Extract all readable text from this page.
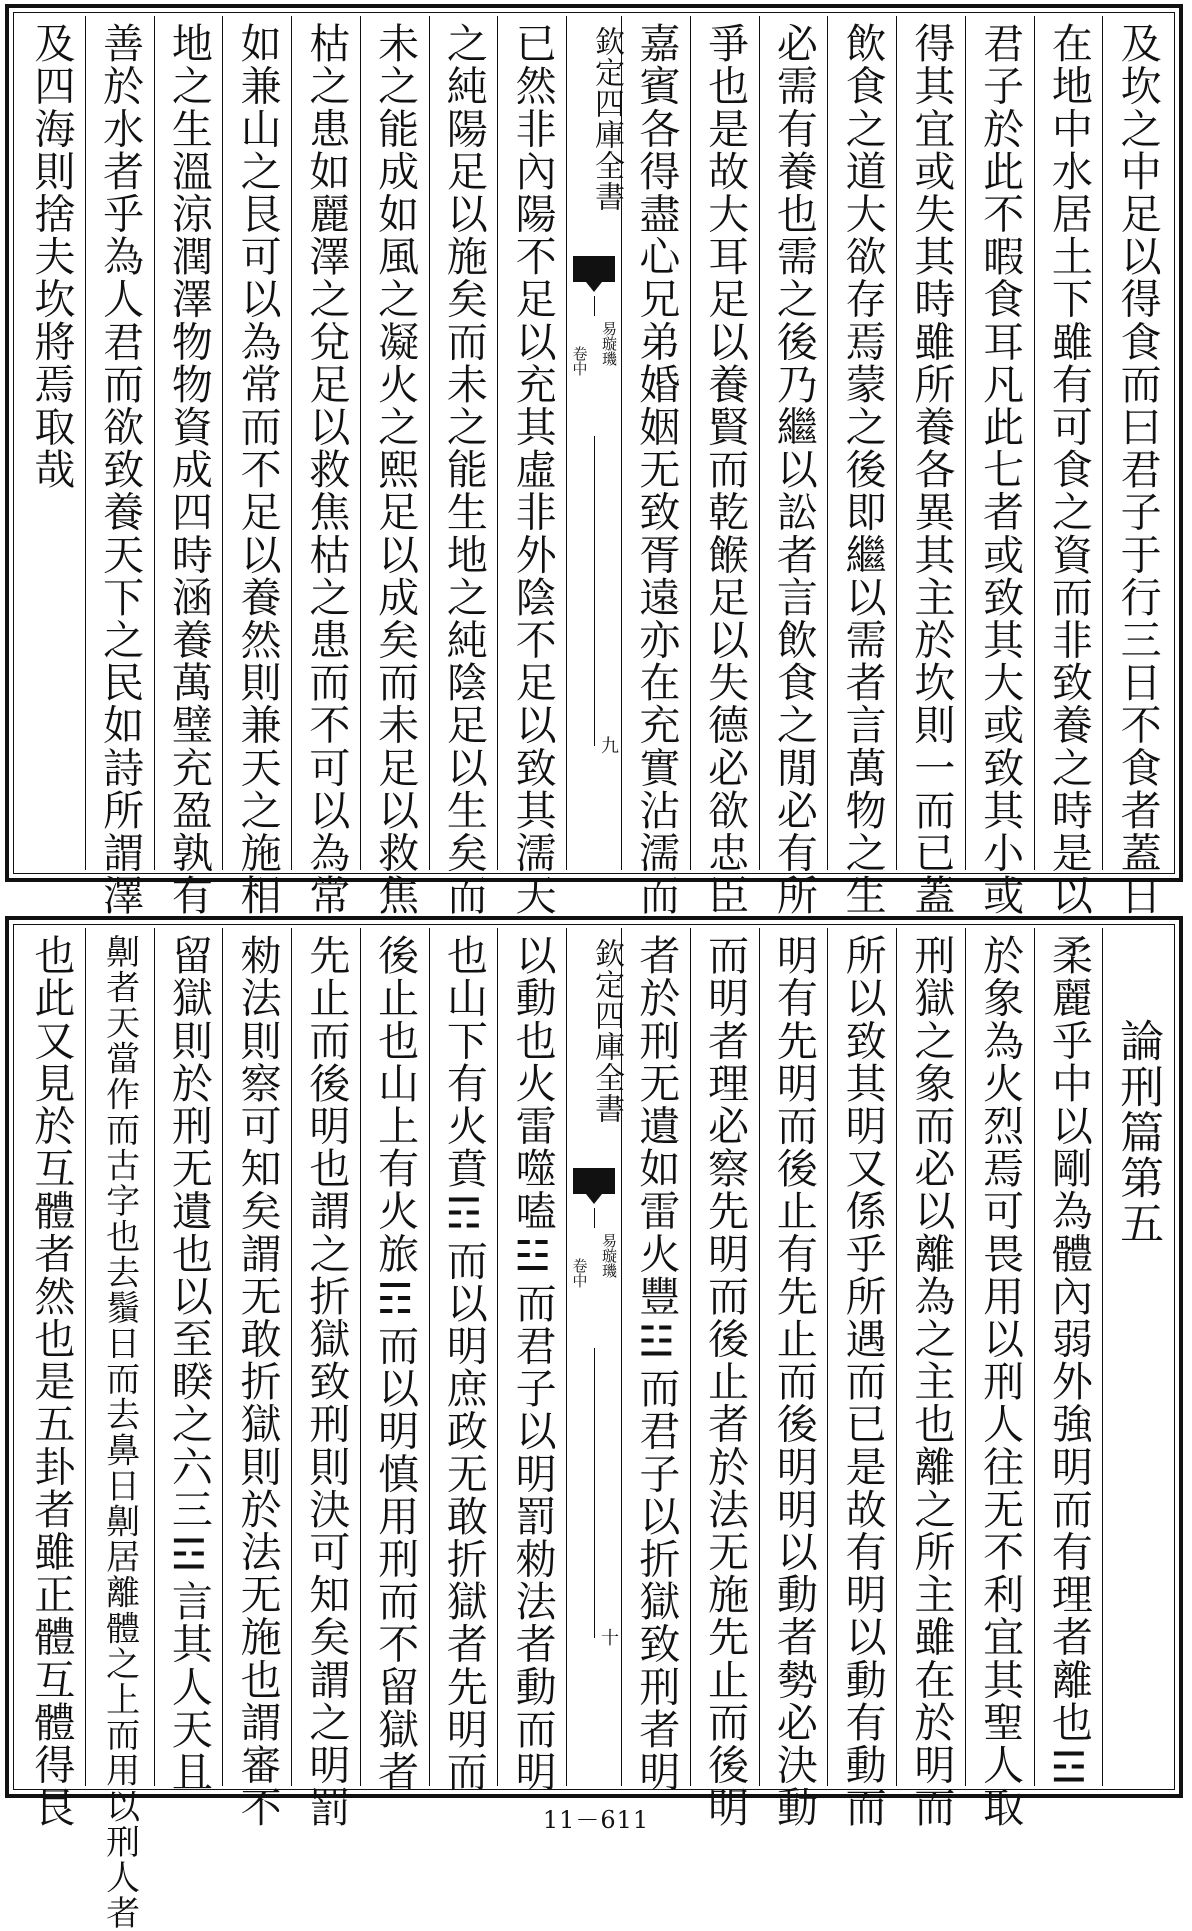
及坎之中足以得食而曰君子于行三日不食者蓋日
在地中水居土下雖有可食之資而非致養之時是以
君子於此不暇食耳凡此七者或致其大或致其小或
得其宜或失其時雖所養各異其主於坎則一而已蓋
飲食之道大欲存焉蒙之後即繼以需者言萬物之生
必需有養也需之後乃繼以訟者言飲食之閒必有所
爭也是故大耳足以養賢而乾餱足以失德必欲忠臣
嘉賓各得盡心兄弟婚姻无致胥遠亦在充實沾濡而
欽定四庫全書
易璇璣
卷中
九
已然非內陽不足以充其虛非外陰不足以致其濡天
之純陽足以施矣而未之能生地之純陰足以生矣而
未之能成如風之凝火之熙足以成矣而未足以救焦
枯之患如麗澤之兌足以救焦枯之患而不可以為常
如兼山之艮可以為常而不足以養然則兼天之施相
地之生溫涼潤澤物物資成四時涵養萬璧充盈孰有
善於水者乎為人君而欲致養天下之民如詩所謂澤
及四海則捨夫坎將焉取哉
論刑篇第五
柔麗乎中以剛為體內弱外強明而有理者離也☲
於象為火烈焉可畏用以刑人往无不利宜其聖人取
刑獄之象而必以離為之主也離之所主雖在於明而
所以致其明又係乎所遇而已是故有明以動有動而
明有先明而後止有先止而後明明以動者勢必決動
而明者理必察先明而後止者於法无施先止而後明
者於刑无遺如雷火豐☳而君子以折獄致刑者明
欽定四庫全書
易璇璣
卷中
十
以動也火雷噬嗑☳而君子以明罰勑法者動而明
也山下有火賁☶而以明庶政无敢折獄者先明而
後止也山上有火旅☶而以明慎用刑而不留獄者
先止而後明也謂之折獄致刑則決可知矣謂之明罰
勑法則察可知矣謂无敢折獄則於法无施也謂審不
留獄則於刑无遺也以至睽之六三☲言其人天且
劓者天當作而古字也去鬚日而去鼻日劓居離體之上而用以刑人者
也此又見於互體者然也是五卦者雖正體互體得艮	11－611
